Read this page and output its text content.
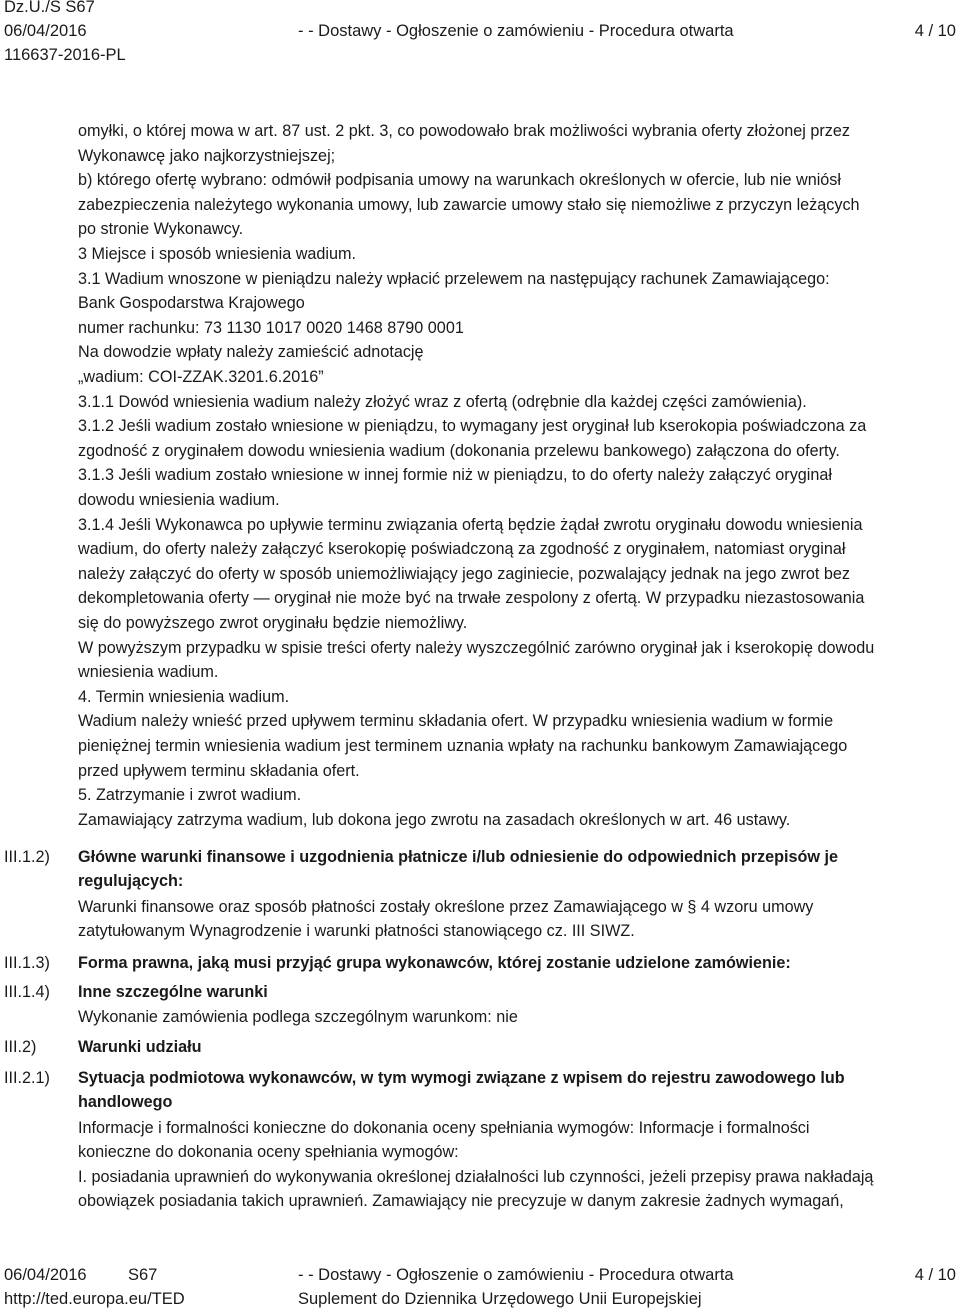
Dz.U./S S67
06/04/2016	- - Dostawy - Ogłoszenie o zamówieniu - Procedura otwarta	4 / 10
116637-2016-PL
omyłki, o której mowa w art. 87 ust. 2 pkt. 3, co powodowało brak możliwości wybrania oferty złożonej przez
Wykonawcę jako najkorzystniejszej;
b) którego ofertę wybrano: odmówił podpisania umowy na warunkach określonych w ofercie, lub nie wniósł
zabezpieczenia należytego wykonania umowy, lub zawarcie umowy stało się niemożliwe z przyczyn leżących
po stronie Wykonawcy.
3 Miejsce i sposób wniesienia wadium.
3.1 Wadium wnoszone w pieniądzu należy wpłacić przelewem na następujący rachunek Zamawiającego:
Bank Gospodarstwa Krajowego
numer rachunku: 73 1130 1017 0020 1468 8790 0001
Na dowodzie wpłaty należy zamieścić adnotację
„wadium: COI-ZZAK.3201.6.2016”
3.1.1 Dowód wniesienia wadium należy złożyć wraz z ofertą (odrębnie dla każdej części zamówienia).
3.1.2 Jeśli wadium zostało wniesione w pieniądzu, to wymagany jest oryginał lub kserokopia poświadczona za
zgodność z oryginałem dowodu wniesienia wadium (dokonania przelewu bankowego) załączona do oferty.
3.1.3 Jeśli wadium zostało wniesione w innej formie niż w pieniądzu, to do oferty należy załączyć oryginał
dowodu wniesienia wadium.
3.1.4 Jeśli Wykonawca po upływie terminu związania ofertą będzie żądał zwrotu oryginału dowodu wniesienia
wadium, do oferty należy załączyć kserokopię poświadczoną za zgodność z oryginałem, natomiast oryginał
należy załączyć do oferty w sposób uniemożliwiający jego zaginiecie, pozwalający jednak na jego zwrot bez
dekompletowania oferty — oryginał nie może być na trwałe zespolony z ofertą. W przypadku niezastosowania
się do powyższego zwrot oryginału będzie niemożliwy.
W powyższym przypadku w spisie treści oferty należy wyszczególnić zarówno oryginał jak i kserokopię dowodu
wniesienia wadium.
4. Termin wniesienia wadium.
Wadium należy wnieść przed upływem terminu składania ofert. W przypadku wniesienia wadium w formie
pieniężnej termin wniesienia wadium jest terminem uznania wpłaty na rachunku bankowym Zamawiającego
przed upływem terminu składania ofert.
5. Zatrzymanie i zwrot wadium.
Zamawiający zatrzyma wadium, lub dokona jego zwrotu na zasadach określonych w art. 46 ustawy.
III.1.2) Główne warunki finansowe i uzgodnienia płatnicze i/lub odniesienie do odpowiednich przepisów je
regulujących:
Warunki finansowe oraz sposób płatności zostały określone przez Zamawiającego w § 4 wzoru umowy
zatytułowanym Wynagrodzenie i warunki płatności stanowiącego cz. III SIWZ.
III.1.3) Forma prawna, jaką musi przyjąć grupa wykonawców, której zostanie udzielone zamówienie:
III.1.4) Inne szczególne warunki
Wykonanie zamówienia podlega szczególnym warunkom: nie
III.2)	Warunki udziału
III.2.1) Sytuacja podmiotowa wykonawców, w tym wymogi związane z wpisem do rejestru zawodowego lub
handlowego
Informacje i formalności konieczne do dokonania oceny spełniania wymogów: Informacje i formalności
konieczne do dokonania oceny spełniania wymogów:
I. posiadania uprawnień do wykonywania określonej działalności lub czynności, jeżeli przepisy prawa nakładają
obowiązek posiadania takich uprawnień. Zamawiający nie precyzuje w danym zakresie żadnych wymagań,
06/04/2016	S67	- - Dostawy - Ogłoszenie o zamówieniu - Procedura otwarta	4 / 10
http://ted.europa.eu/TED	Suplement do Dziennika Urzędowego Unii Europejskiej
